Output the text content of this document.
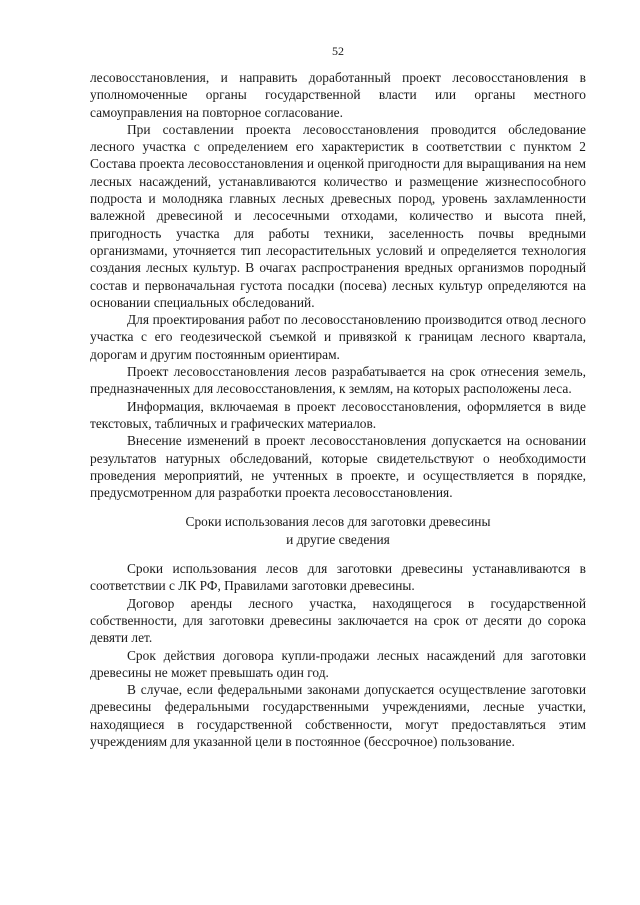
52

лесовосстановления, и направить доработанный проект лесовосстановления в уполномоченные органы государственной власти или органы местного самоуправления на повторное согласование.

При составлении проекта лесовосстановления проводится обследование лесного участка с определением его характеристик в соответствии с пунктом 2 Состава проекта лесовосстановления и оценкой пригодности для выращивания на нем лесных насаждений, устанавливаются количество и размещение жизнеспособного подроста и молодняка главных лесных древесных пород, уровень захламленности валежной древесиной и лесосечными отходами, количество и высота пней, пригодность участка для работы техники, заселенность почвы вредными организмами, уточняется тип лесорастительных условий и определяется технология создания лесных культур. В очагах распространения вредных организмов породный состав и первоначальная густота посадки (посева) лесных культур определяются на основании специальных обследований.

Для проектирования работ по лесовосстановлению производится отвод лесного участка с его геодезической съемкой и привязкой к границам лесного квартала, дорогам и другим постоянным ориентирам.

Проект лесовосстановления лесов разрабатывается на срок отнесения земель, предназначенных для лесовосстановления, к землям, на которых расположены леса.

Информация, включаемая в проект лесовосстановления, оформляется в виде текстовых, табличных и графических материалов.

Внесение изменений в проект лесовосстановления допускается на основании результатов натурных обследований, которые свидетельствуют о необходимости проведения мероприятий, не учтенных в проекте, и осуществляется в порядке, предусмотренном для разработки проекта лесовосстановления.

Сроки использования лесов для заготовки древесины
и другие сведения

Сроки использования лесов для заготовки древесины устанавливаются в соответствии с ЛК РФ, Правилами заготовки древесины.

Договор аренды лесного участка, находящегося в государственной собственности, для заготовки древесины заключается на срок от десяти до сорока девяти лет.

Срок действия договора купли-продажи лесных насаждений для заготовки древесины не может превышать один год.

В случае, если федеральными законами допускается осуществление заготовки древесины федеральными государственными учреждениями, лесные участки, находящиеся в государственной собственности, могут предоставляться этим учреждениям для указанной цели в постоянное (бессрочное) пользование.
